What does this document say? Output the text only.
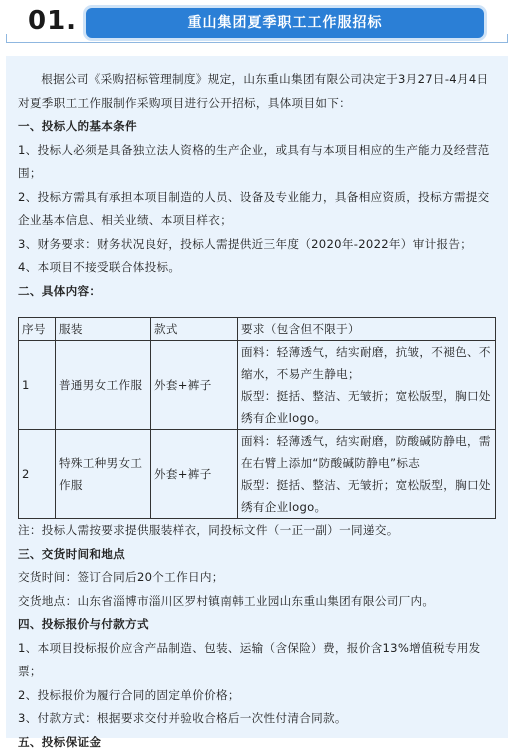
01.	重山集团夏季职工工作服招标

根据公司《采购招标管理制度》规定，山东重山集团有限公司决定于3月27日-4月4日对夏季职工工作服制作采购项目进行公开招标，具体项目如下：

一、投标人的基本条件

1、投标人必须是具备独立法人资格的生产企业，或具有与本项目相应的生产能力及经营范围；

2、投标方需具有承担本项目制造的人员、设备及专业能力，具备相应资质，投标方需提交企业基本信息、相关业绩、本项目样衣；

3、财务要求：财务状况良好，投标人需提供近三年度（2020年-2022年）审计报告；

4、本项目不接受联合体投标。

二、具体内容：

序号	服装	款式	要求（包含但不限于）
1	普通男女工作服	外套+裤子	面料：轻薄透气，结实耐磨，抗皱，不褪色、不缩水，不易产生静电；
版型：挺括、整洁、无皱折；宽松版型，胸口处绣有企业logo。

2	特殊工种男女工作服	外套+裤子	面料：轻薄透气，结实耐磨，防酸碱防静电，需在右臂上添加“防酸碱防静电”标志
版型：挺括、整洁、无皱折；宽松版型，胸口处绣有企业logo。

注：投标人需按要求提供服装样衣，同投标文件（一正一副）一同递交。

三、交货时间和地点

交货时间：签订合同后20个工作日内；

交货地点：山东省淄博市淄川区罗村镇南韩工业园山东重山集团有限公司厂内。

四、投标报价与付款方式

1、本项目投标报价应含产品制造、包装、运输（含保险）费，报价含13%增值税专用发票；

2、投标报价为履行合同的固定单价价格；

3、付款方式：根据要求交付并验收合格后一次性付清合同款。

五、投标保证金
